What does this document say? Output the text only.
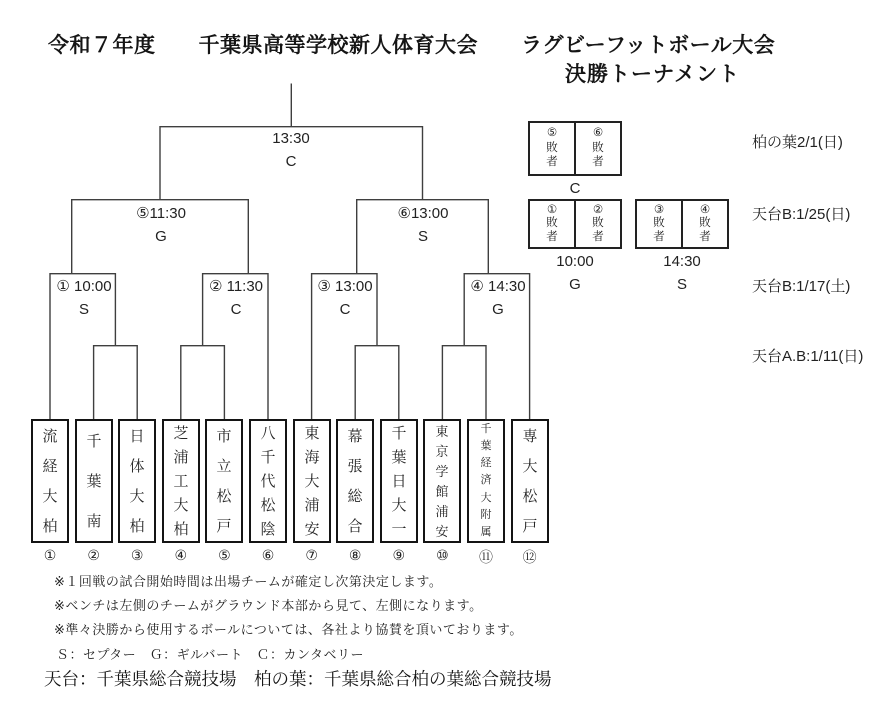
令和７年度　　千葉県高等学校新人体育大会　　ラグビーフットボール大会
決勝トーナメント
13:30
C
⑤11:30
G
⑥13:00
S
① 10:00
S
② 11:30
C
③ 13:00
C
④ 14:30
G
流
経
大
柏
千
葉
南
日
体
大
柏
芝
浦
工
大
柏
市
立
松
戸
八
千
代
松
陰
東
海
大
浦
安
幕
張
総
合
千
葉
日
大
一
東
京
学
館
浦
安
千
葉
経
済
大
附
属
専
大
松
戸
① ② ③ ④ ⑤ ⑥ ⑦ ⑧ ⑨ ⑩ ⑪ ⑫
⑤
敗
者
⑥
敗
者
C
①
敗
者
②
敗
者
10:00
G
③
敗
者
④
敗
者
14:30
S
柏の葉2/1(日)
天台B:1/25(日)
天台B:1/17(土)
天台A.B:1/11(日)
※１回戦の試合開始時間は出場チームが確定し次第決定します。
※ベンチは左側のチームがグラウンド本部から見て、左側になります。
※準々決勝から使用するボールについては、各社より協賛を頂いております。
Ｓ：セプター　Ｇ：ギルバート　Ｃ：カンタベリー
天台：千葉県総合競技場　柏の葉：千葉県総合柏の葉総合競技場
